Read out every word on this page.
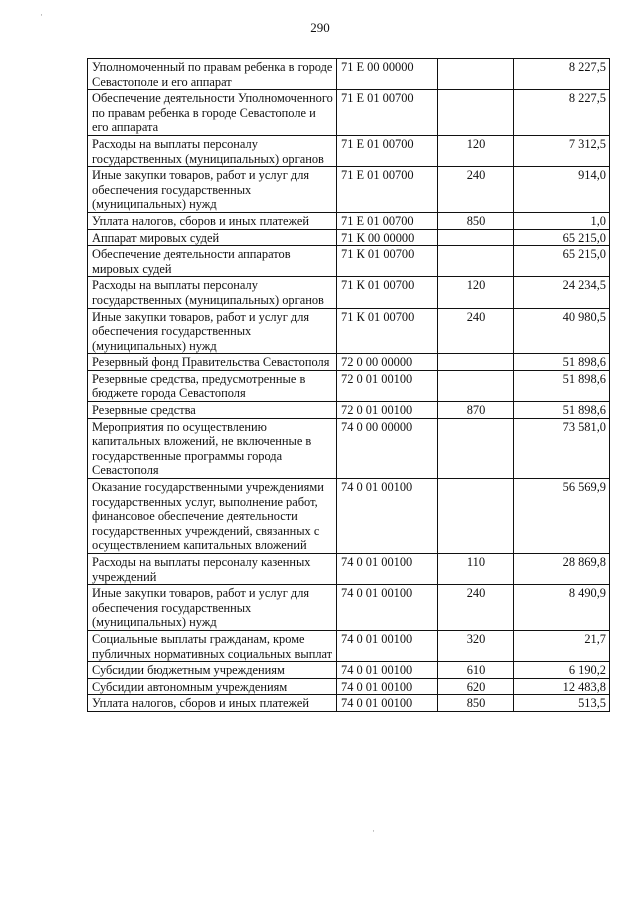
290
·
Уполномоченный по правам ребенка в городе Севастополе и его аппарат	71 Е 00 00000		8 227,5
Обеспечение деятельности Уполномоченного по правам ребенка в городе Севастополе и его аппарата	71 Е 01 00700		8 227,5
Расходы на выплаты персоналу государственных (муниципальных) органов	71 Е 01 00700	120	7 312,5
Иные закупки товаров, работ и услуг для обеспечения государственных (муниципальных) нужд	71 Е 01 00700	240	914,0
Уплата налогов, сборов и иных платежей	71 Е 01 00700	850	1,0
Аппарат мировых судей	71 К 00 00000		65 215,0
Обеспечение деятельности аппаратов мировых судей	71 К 01 00700		65 215,0
Расходы на выплаты персоналу государственных (муниципальных) органов	71 К 01 00700	120	24 234,5
Иные закупки товаров, работ и услуг для обеспечения государственных (муниципальных) нужд	71 К 01 00700	240	40 980,5
Резервный фонд Правительства Севастополя	72 0 00 00000		51 898,6
Резервные средства, предусмотренные в бюджете города Севастополя	72 0 01 00100		51 898,6
Резервные средства	72 0 01 00100	870	51 898,6
Мероприятия по осуществлению капитальных вложений, не включенные в государственные программы города Севастополя	74 0 00 00000		73 581,0
Оказание государственными учреждениями государственных услуг, выполнение работ, финансовое обеспечение деятельности государственных учреждений, связанных с осуществлением капитальных вложений	74 0 01 00100		56 569,9
Расходы на выплаты персоналу казенных учреждений	74 0 01 00100	110	28 869,8
Иные закупки товаров, работ и услуг для обеспечения государственных (муниципальных) нужд	74 0 01 00100	240	8 490,9
Социальные выплаты гражданам, кроме публичных нормативных социальных выплат	74 0 01 00100	320	21,7
Субсидии бюджетным учреждениям	74 0 01 00100	610	6 190,2
Субсидии автономным учреждениям	74 0 01 00100	620	12 483,8
Уплата налогов, сборов и иных платежей	74 0 01 00100	850	513,5
·
